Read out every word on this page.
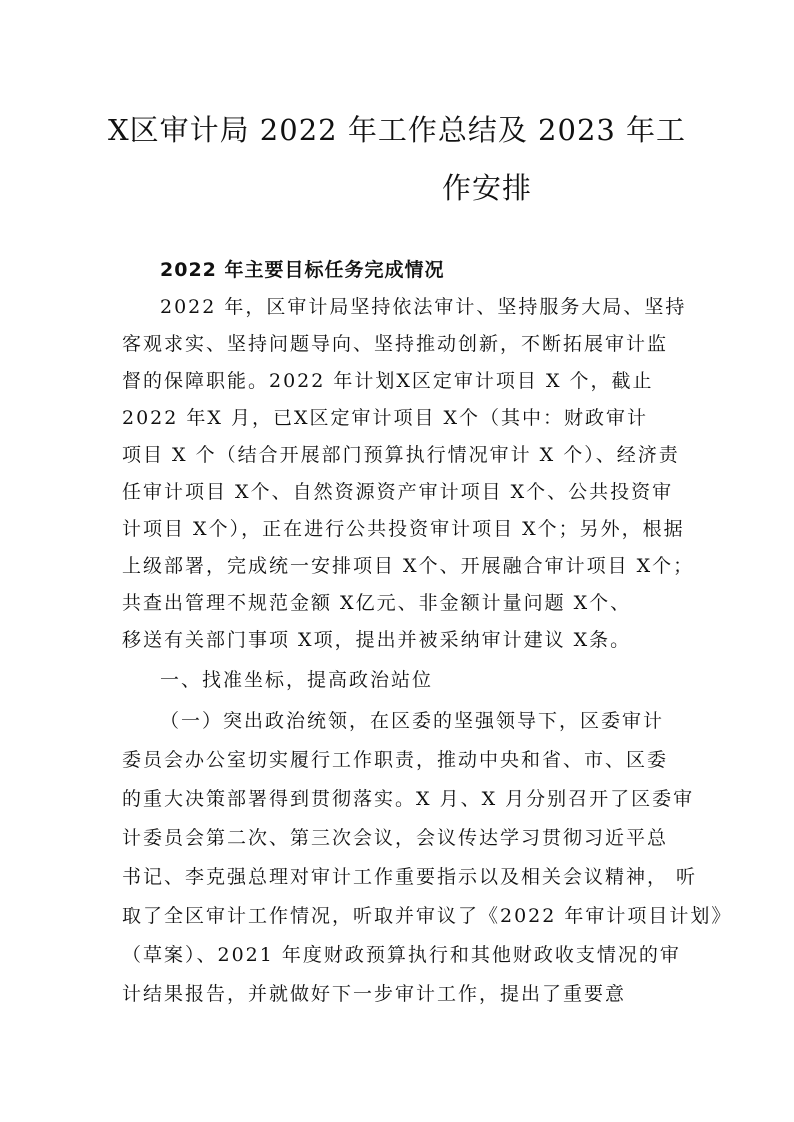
X区审计局 2022 年工作总结及 2023 年工
作安排
2022 年主要目标任务完成情况
2022 年，区审计局坚持依法审计、坚持服务大局、坚持
客观求实、坚持问题导向、坚持推动创新，不断拓展审计监
督的保障职能。2022 年计划X区定审计项目 X 个，截止
2022 年X 月，已X区定审计项目 X个（其中：财政审计
项目 X 个（结合开展部门预算执行情况审计 X 个）、经济责
任审计项目 X个、自然资源资产审计项目 X个、公共投资审
计项目 X个），正在进行公共投资审计项目 X个；另外，根据
上级部署，完成统一安排项目 X个、开展融合审计项目 X个；
共查出管理不规范金额 X亿元、非金额计量问题 X个、
移送有关部门事项 X项，提出并被采纳审计建议 X条。
一、找准坐标，提高政治站位
（一）突出政治统领，在区委的坚强领导下，区委审计
委员会办公室切实履行工作职责，推动中央和省、市、区委
的重大决策部署得到贯彻落实。X 月、X 月分别召开了区委审
计委员会第二次、第三次会议，会议传达学习贯彻习近平总
书记、李克强总理对审计工作重要指示以及相关会议精神， 听
取了全区审计工作情况，听取并审议了《2022 年审计项目计划》
（草案）、2021 年度财政预算执行和其他财政收支情况的审
计结果报告，并就做好下一步审计工作，提出了重要意
